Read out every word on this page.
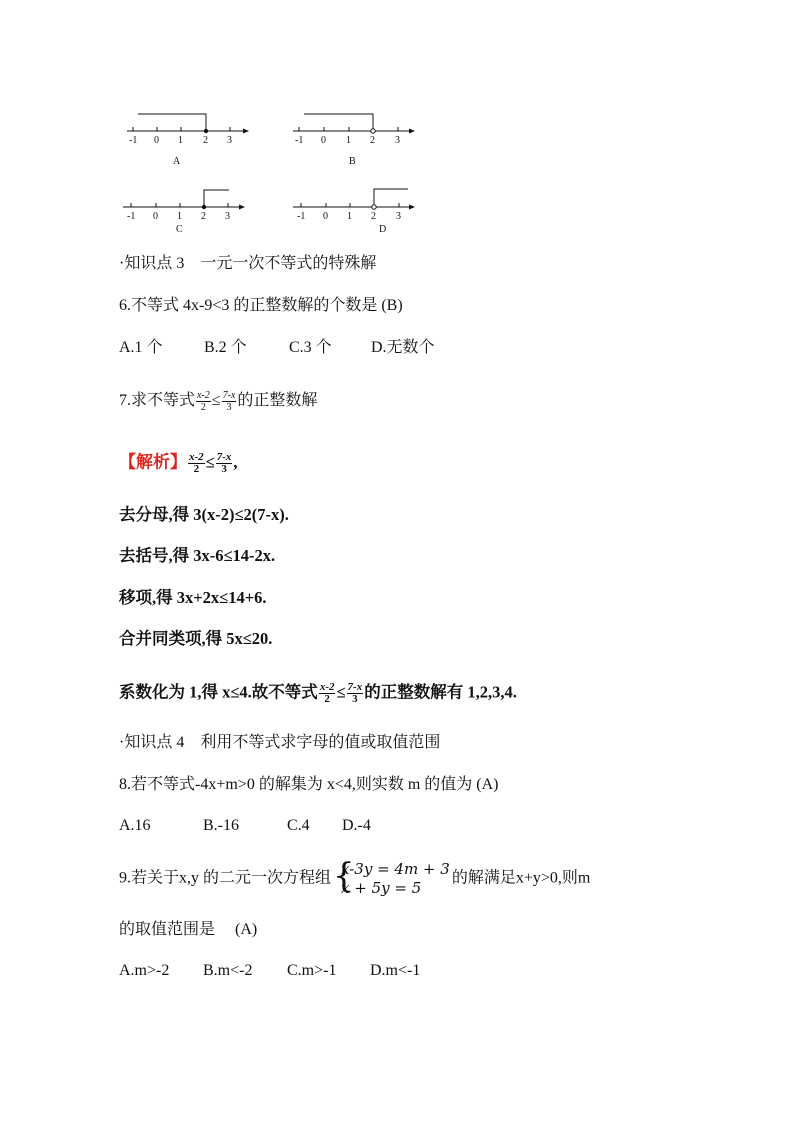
-1 0 1 2 3
A
-1 0 1 2 3
B
-1 0 1 2 3
C
-1 0 1 2 3
D
·知识点 3　一元一次不等式的特殊解
6.不等式 4x-9<3 的正整数解的个数是 (B)
A.1 个	B.2 个	C.3 个 D.无数个
7.求不等式 $\frac{x-2}{2} \le \frac{7-x}{3}$ 的正整数解
【解析】 $\frac{x-2}{2} \le \frac{7-x}{3}$ ,
去分母,得 3(x-2)≤2(7-x).
去括号,得 3x-6≤14-2x.
移项,得 3x+2x≤14+6.
合并同类项,得 5x≤20.
系数化为 1,得 x≤4.故不等式 $\frac{x-2}{2} \le \frac{7-x}{3}$ 的正整数解有 1,2,3,4.
·知识点 4　利用不等式求字母的值或取值范围
8.若不等式-4x+m>0 的解集为 x<4,则实数 m 的值为 (A)
A.16	B.-16	C.4 D.-4
9.若关于x,y 的二元一次方程组 {
x-3y = 4m + 3
x + 5y = 5
的解满足x+y>0,则m
的取值范围是　 (A)
A.m>-2 B.m<-2 C.m>-1 D.m<-1
